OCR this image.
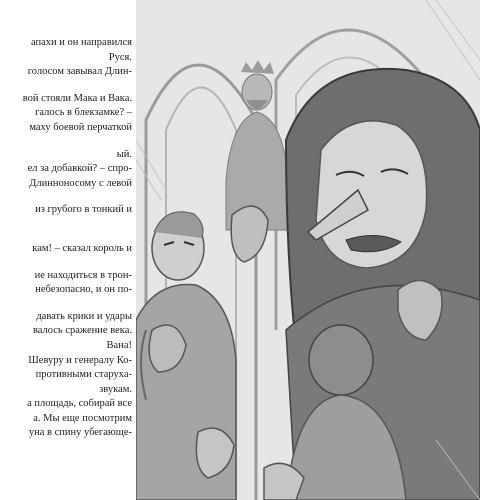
апахи и он направился
Руся.
голосом завывал Длин-
вой стояли Мака и Вака.
галось в блекзамке? –
маху боевой перчаткой
ый.
ел за добавкой? – спро-
Длинноносому с левой
из грубого в тонкий и
кам! – сказал король и
ие находиться в трон-
небезопасно, и он по-
давать крики и удары
валось сражение века.
Вана!
Шевуру и генералу Ко-
противными старуха-
звукам.
а площадь, собирай все
а. Мы еще посмотрим
уна в спину убегающе-
